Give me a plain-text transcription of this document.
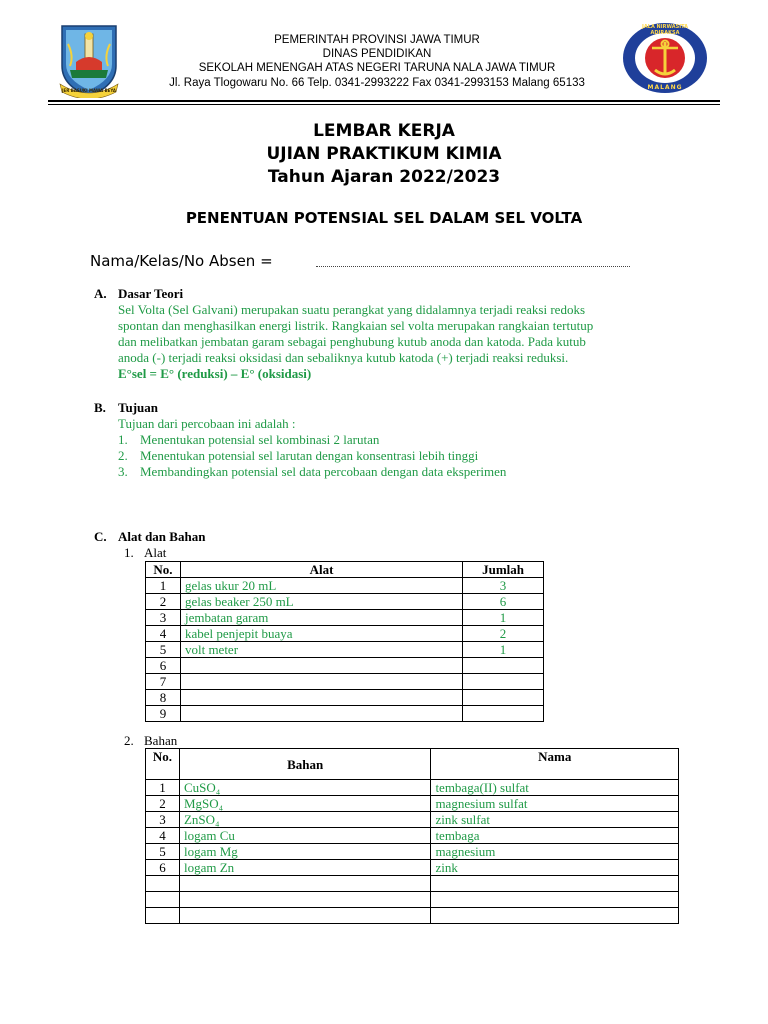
JER BASUKI MAWA BEYA
PEMERINTAH PROVINSI JAWA TIMUR
DINAS PENDIDIKAN
SEKOLAH MENENGAH ATAS NEGERI TARUNA NALA JAWA TIMUR
Jl. Raya Tlogowaru No. 66 Telp. 0341-2993222 Fax 0341-2993153 Malang 65133
JALA NIRWASITA ADIRAKSA
MALANG
LEMBAR KERJA
UJIAN PRAKTIKUM KIMIA
Tahun Ajaran 2022/2023
PENENTUAN POTENSIAL SEL DALAM SEL VOLTA
Nama/Kelas/No Absen =
A. Dasar Teori
Sel Volta (Sel Galvani) merupakan suatu perangkat yang didalamnya terjadi reaksi redoks
spontan dan menghasilkan energi listrik. Rangkaian sel volta merupakan rangkaian tertutup
dan melibatkan jembatan garam sebagai penghubung kutub anoda dan katoda. Pada kutub
anoda (-) terjadi reaksi oksidasi dan sebaliknya kutub katoda (+) terjadi reaksi reduksi.
E°sel = E° (reduksi) – E° (oksidasi)
B. Tujuan
Tujuan dari percobaan ini adalah :
1. Menentukan potensial sel kombinasi 2 larutan
2. Menentukan potensial sel larutan dengan konsentrasi lebih tinggi
3. Membandingkan potensial sel data percobaan dengan data eksperimen
C. Alat dan Bahan
1. Alat
No.	Alat	Jumlah
1	gelas ukur 20 mL	3
2	gelas beaker 250 mL	6
3	jembatan garam	1
4	kabel penjepit buaya	2
5	volt meter	1
6		
7		
8		
9		
2. Bahan
No.	Bahan	Nama
1	CuSO₄	tembaga(II) sulfat
2	MgSO₄	magnesium sulfat
3	ZnSO₄	zink sulfat
4	logam Cu	tembaga
5	logam Mg	magnesium
6	logam Zn	zink
